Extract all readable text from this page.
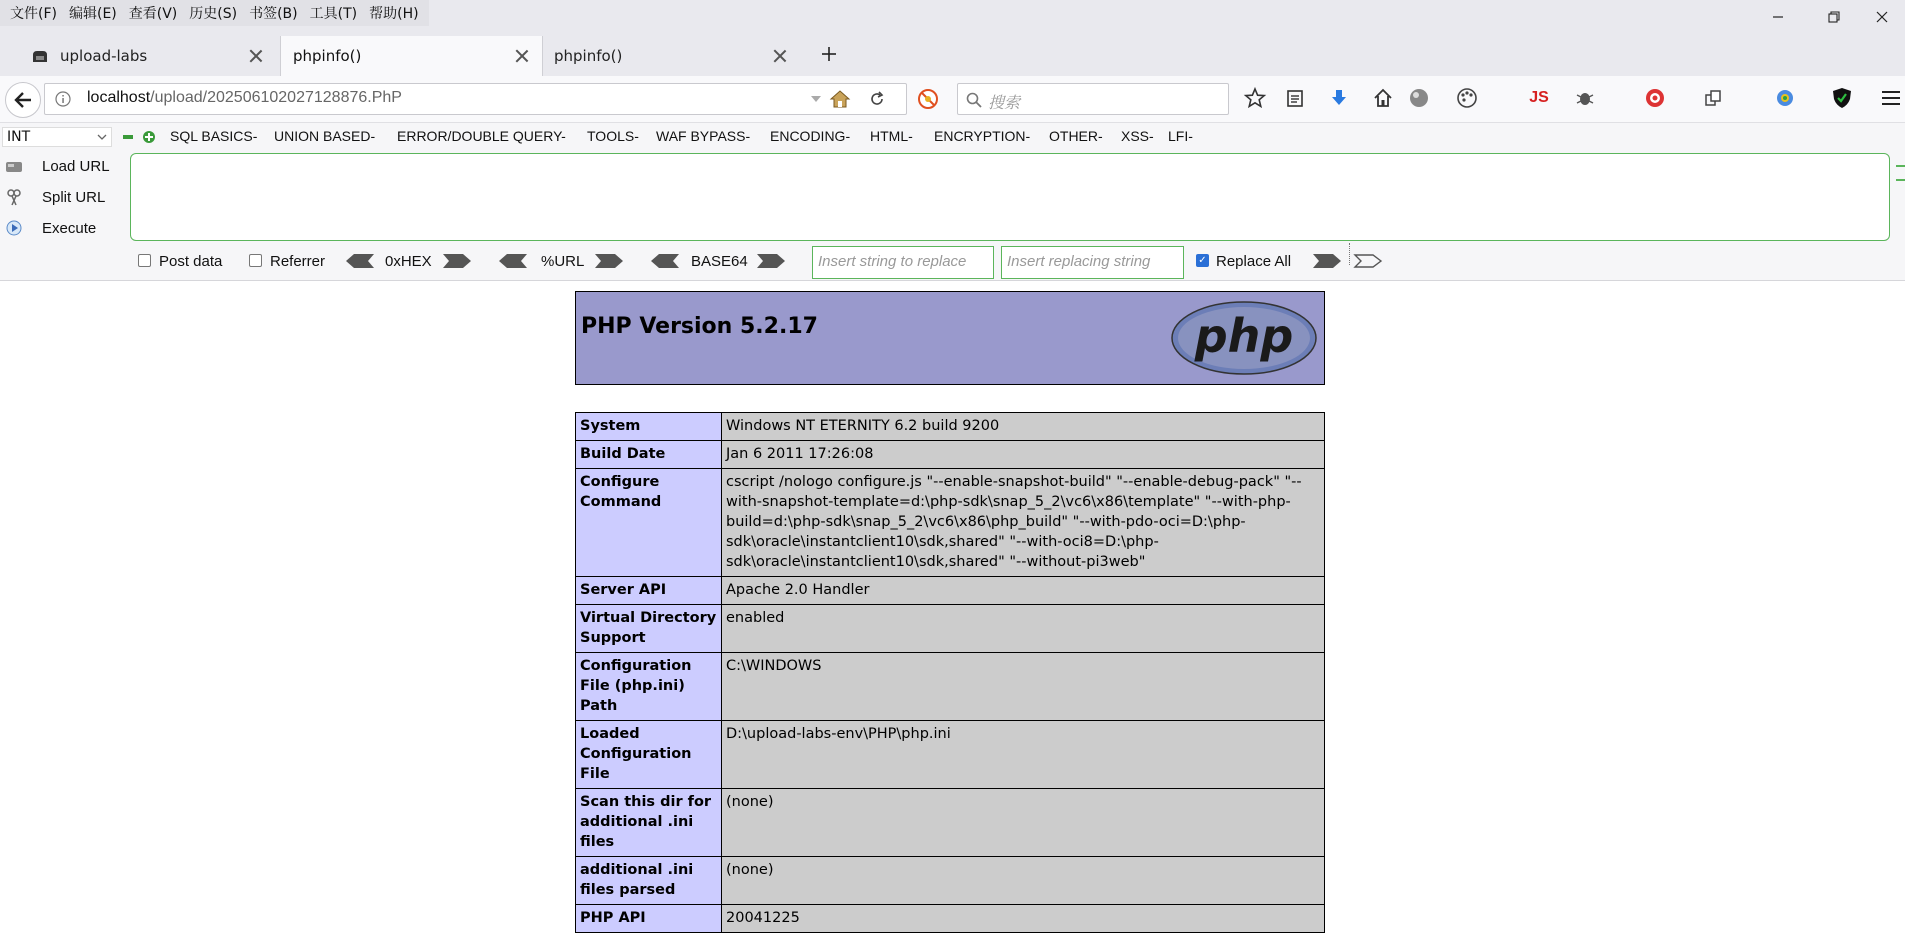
文件(F) 编辑(E) 查看(V) 历史(S) 书签(B) 工具(T) 帮助(H)
upload-labs	phpinfo()	phpinfo()
localhost/upload/202506102027128876.PhP	搜索	JS
INT	SQL BASICS- UNION BASED- ERROR/DOUBLE QUERY- TOOLS- WAF BYPASS- ENCODING- HTML- ENCRYPTION- OTHER- XSS- LFI-
Load URL
Split URL
Execute
Post data	Referrer	0xHEX	%URL	BASE64	Insert string to replace	Insert replacing string	✓ Replace All
PHP Version 5.2.17	php
System	Windows NT ETERNITY 6.2 build 9200
Build Date	Jan 6 2011 17:26:08
Configure Command	cscript /nologo configure.js "--enable-snapshot-build" "--enable-debug-pack" "--with-snapshot-template=d:\php-sdk\snap_5_2\vc6\x86\template" "--with-php-build=d:\php-sdk\snap_5_2\vc6\x86\php_build" "--with-pdo-oci=D:\php-sdk\oracle\instantclient10\sdk,shared" "--with-oci8=D:\php-sdk\oracle\instantclient10\sdk,shared" "--without-pi3web"
Server API	Apache 2.0 Handler
Virtual Directory Support	enabled
Configuration File (php.ini) Path	C:\WINDOWS
Loaded Configuration File	D:\upload-labs-env\PHP\php.ini
Scan this dir for additional .ini files	(none)
additional .ini files parsed	(none)
PHP API	20041225
